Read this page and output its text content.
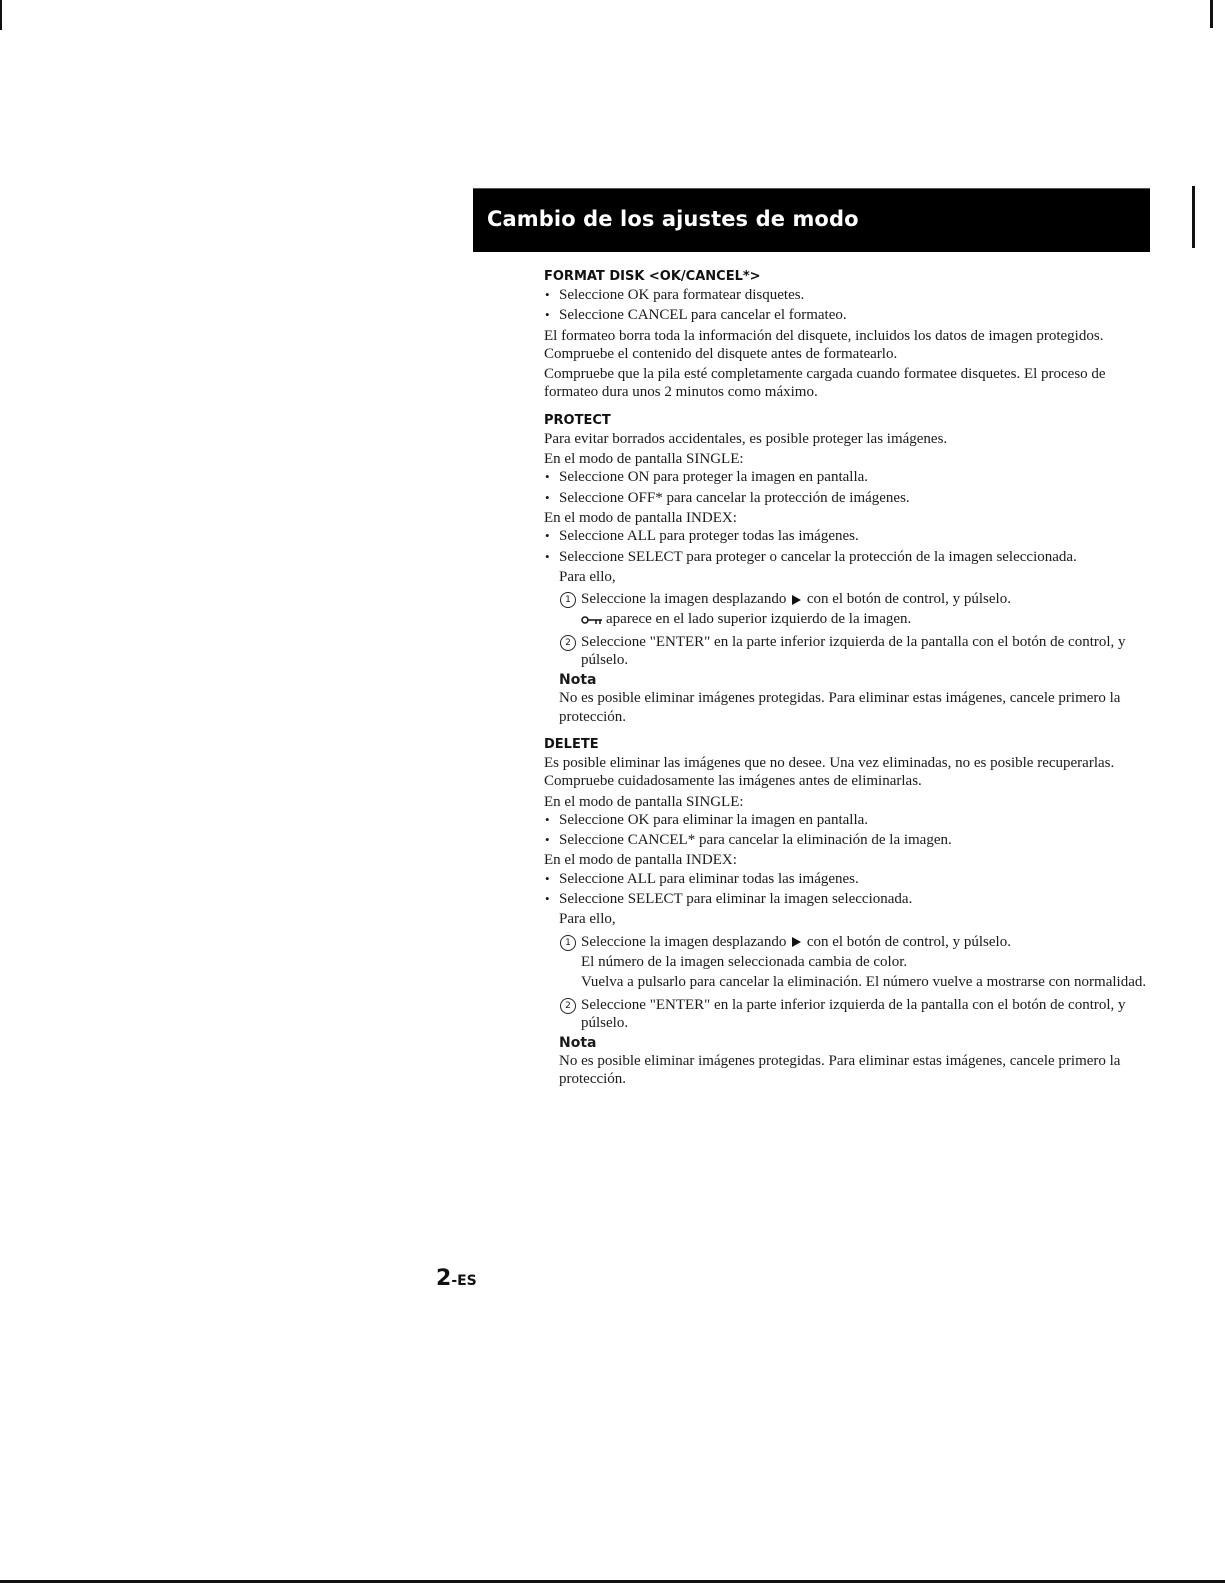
Cambio de los ajustes de modo
FORMAT DISK <OK/CANCEL*>
• Seleccione OK para formatear disquetes.
• Seleccione CANCEL para cancelar el formateo.

El formateo borra toda la información del disquete, incluidos los datos de imagen protegidos. Compruebe el contenido del disquete antes de formatearlo.

Compruebe que la pila esté completamente cargada cuando formatee disquetes. El proceso de formateo dura unos 2 minutos como máximo.

PROTECT

Para evitar borrados accidentales, es posible proteger las imágenes.

En el modo de pantalla SINGLE:

• Seleccione ON para proteger la imagen en pantalla.
• Seleccione OFF* para cancelar la protección de imágenes.

En el modo de pantalla INDEX:

• Seleccione ALL para proteger todas las imágenes.
• Seleccione SELECT para proteger o cancelar la protección de la imagen seleccionada.

Para ello,

1 Seleccione la imagen desplazando con el botón de control, y púlselo.

aparece en el lado superior izquierdo de la imagen.

2 Seleccione "ENTER" en la parte inferior izquierda de la pantalla con el botón de control, y púlselo.

Nota

No es posible eliminar imágenes protegidas. Para eliminar estas imágenes, cancele primero la protección.

DELETE

Es posible eliminar las imágenes que no desee. Una vez eliminadas, no es posible recuperarlas. Compruebe cuidadosamente las imágenes antes de eliminarlas.

En el modo de pantalla SINGLE:

• Seleccione OK para eliminar la imagen en pantalla.
• Seleccione CANCEL* para cancelar la eliminación de la imagen.

En el modo de pantalla INDEX:

• Seleccione ALL para eliminar todas las imágenes.
• Seleccione SELECT para eliminar la imagen seleccionada.

Para ello,

1 Seleccione la imagen desplazando con el botón de control, y púlselo.

El número de la imagen seleccionada cambia de color.

Vuelva a pulsarlo para cancelar la eliminación. El número vuelve a mostrarse con normalidad.

2 Seleccione "ENTER" en la parte inferior izquierda de la pantalla con el botón de control, y púlselo.

Nota

No es posible eliminar imágenes protegidas. Para eliminar estas imágenes, cancele primero la protección.

2-ES
